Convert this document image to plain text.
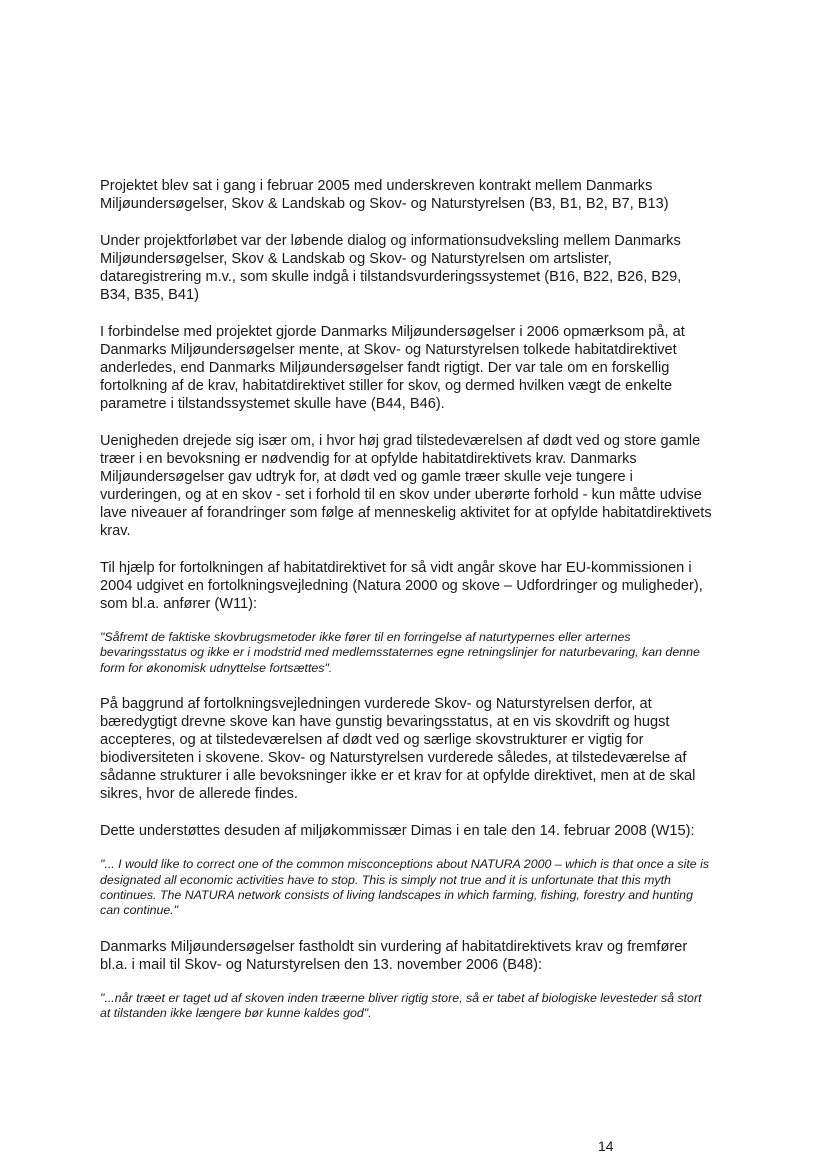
Projektet blev sat i gang i februar 2005 med underskreven kontrakt mellem Danmarks Miljøundersøgelser, Skov & Landskab og Skov- og Naturstyrelsen (B3, B1, B2, B7, B13)

Under projektforløbet var der løbende dialog og informationsudveksling mellem Danmarks Miljøundersøgelser, Skov & Landskab og Skov- og Naturstyrelsen om artslister, dataregistrering m.v., som skulle indgå i tilstandsvurderingssystemet (B16, B22, B26, B29, B34, B35, B41)

I forbindelse med projektet gjorde Danmarks Miljøundersøgelser i 2006 opmærksom på, at Danmarks Miljøundersøgelser mente, at Skov- og Naturstyrelsen tolkede habitatdirektivet anderledes, end Danmarks Miljøundersøgelser fandt rigtigt. Der var tale om en forskellig fortolkning af de krav, habitatdirektivet stiller for skov, og dermed hvilken vægt de enkelte parametre i tilstandssystemet skulle have (B44, B46).

Uenigheden drejede sig især om, i hvor høj grad tilstedeværelsen af dødt ved og store gamle træer i en bevoksning er nødvendig for at opfylde habitatdirektivets krav. Danmarks Miljøundersøgelser gav udtryk for, at dødt ved og gamle træer skulle veje tungere i vurderingen, og at en skov - set i forhold til en skov under uberørte forhold - kun måtte udvise lave niveauer af forandringer som følge af menneskelig aktivitet for at opfylde habitatdirektivets krav.

Til hjælp for fortolkningen af habitatdirektivet for så vidt angår skove har EU-kommissionen i 2004 udgivet en fortolkningsvejledning (Natura 2000 og skove – Udfordringer og muligheder), som bl.a. anfører (W11):

"Såfremt de faktiske skovbrugsmetoder ikke fører til en forringelse af naturtypernes eller arternes bevaringsstatus og ikke er i modstrid med medlemsstaternes egne retningslinjer for naturbevaring, kan denne form for økonomisk udnyttelse fortsættes".

På baggrund af fortolkningsvejledningen vurderede Skov- og Naturstyrelsen derfor, at bæredygtigt drevne skove kan have gunstig bevaringsstatus, at en vis skovdrift og hugst accepteres, og at tilstedeværelsen af dødt ved og særlige skovstrukturer er vigtig for biodiversiteten i skovene. Skov- og Naturstyrelsen vurderede således, at tilstedeværelse af sådanne strukturer i alle bevoksninger ikke er et krav for at opfylde direktivet, men at de skal sikres, hvor de allerede findes.

Dette understøttes desuden af miljøkommissær Dimas i en tale den 14. februar 2008 (W15):

"... I would like to correct one of the common misconceptions about NATURA 2000 – which is that once a site is designated all economic activities have to stop. This is simply not true and it is unfortunate that this myth continues. The NATURA network consists of living landscapes in which farming, fishing, forestry and hunting can continue."

Danmarks Miljøundersøgelser fastholdt sin vurdering af habitatdirektivets krav og fremfører bl.a. i mail til Skov- og Naturstyrelsen den 13. november 2006 (B48):

"...når træet er taget ud af skoven inden træerne bliver rigtig store, så er tabet af biologiske levesteder så stort at tilstanden ikke længere bør kunne kaldes god".

14
